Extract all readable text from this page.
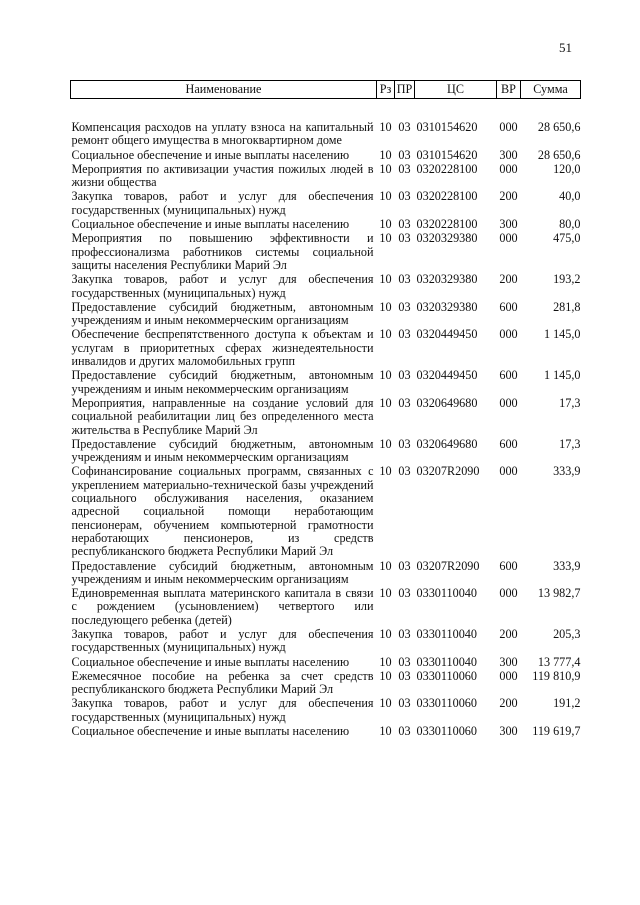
51
Наименование	Рз	ПР	ЦС	ВР	Сумма

Компенсация расходов на уплату взноса на капитальный ремонт общего имущества в многоквартирном доме	10	03	0310154620	000	28 650,6
Социальное обеспечение и иные выплаты населению	10	03	0310154620	300	28 650,6
Мероприятия по активизации участия пожилых людей в жизни общества	10	03	0320228100	000	120,0
Закупка товаров, работ и услуг для обеспечения государственных (муниципальных) нужд	10	03	0320228100	200	40,0
Социальное обеспечение и иные выплаты населению	10	03	0320228100	300	80,0
Мероприятия по повышению эффективности и профессионализма работников системы социальной защиты населения Республики Марий Эл	10	03	0320329380	000	475,0
Закупка товаров, работ и услуг для обеспечения государственных (муниципальных) нужд	10	03	0320329380	200	193,2
Предоставление субсидий бюджетным, автономным учреждениям и иным некоммерческим организациям	10	03	0320329380	600	281,8
Обеспечение беспрепятственного доступа к объектам и услугам в приоритетных сферах жизнедеятельности инвалидов и других маломобильных групп	10	03	0320449450	000	1 145,0
Предоставление субсидий бюджетным, автономным учреждениям и иным некоммерческим организациям	10	03	0320449450	600	1 145,0
Мероприятия, направленные на создание условий для социальной реабилитации лиц без определенного места жительства в Республике Марий Эл	10	03	0320649680	000	17,3
Предоставление субсидий бюджетным, автономным учреждениям и иным некоммерческим организациям	10	03	0320649680	600	17,3
Софинансирование социальных программ, связанных с укреплением материально-технической базы учреждений социального обслуживания населения, оказанием адресной социальной помощи неработающим пенсионерам, обучением компьютерной грамотности неработающих пенсионеров, из средств республиканского бюджета Республики Марий Эл	10	03	03207R2090	000	333,9
Предоставление субсидий бюджетным, автономным учреждениям и иным некоммерческим организациям	10	03	03207R2090	600	333,9
Единовременная выплата материнского капитала в связи с рождением (усыновлением) четвертого или последующего ребенка (детей)	10	03	0330110040	000	13 982,7
Закупка товаров, работ и услуг для обеспечения государственных (муниципальных) нужд	10	03	0330110040	200	205,3
Социальное обеспечение и иные выплаты населению	10	03	0330110040	300	13 777,4
Ежемесячное пособие на ребенка за счет средств республиканского бюджета Республики Марий Эл	10	03	0330110060	000	119 810,9
Закупка товаров, работ и услуг для обеспечения государственных (муниципальных) нужд	10	03	0330110060	200	191,2
Социальное обеспечение и иные выплаты населению	10	03	0330110060	300	119 619,7
